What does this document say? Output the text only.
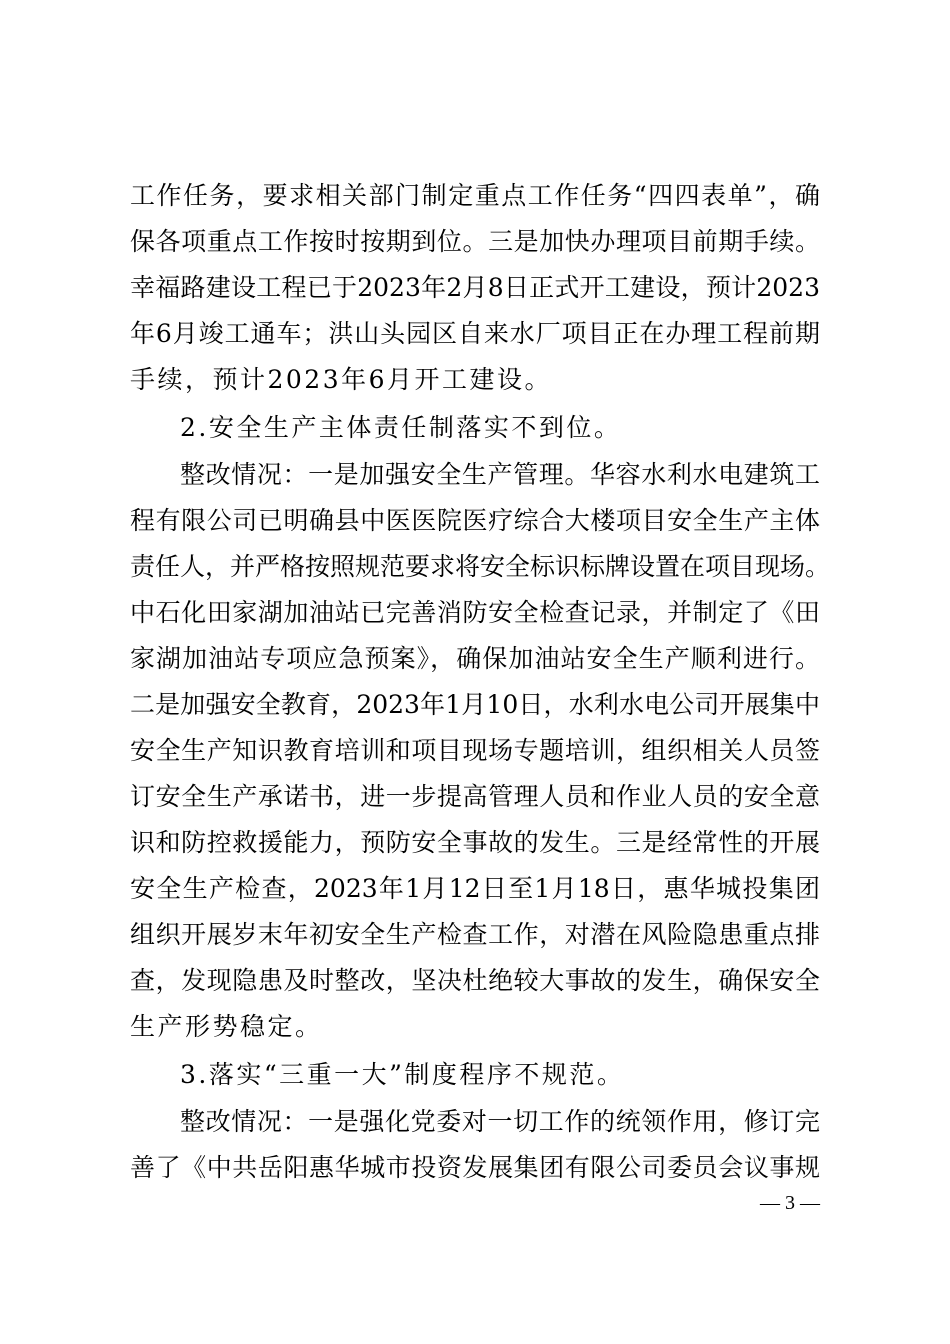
工作任务，要求相关部门制定重点工作任务“四四表单”，确
保各项重点工作按时按期到位。三是加快办理项目前期手续。
幸福路建设工程已于2023年2月8日正式开工建设，预计2023
年6月竣工通车；洪山头园区自来水厂项目正在办理工程前期
手续，预计2023年6月开工建设。
2.安全生产主体责任制落实不到位。
整改情况：一是加强安全生产管理。华容水利水电建筑工
程有限公司已明确县中医医院医疗综合大楼项目安全生产主体
责任人，并严格按照规范要求将安全标识标牌设置在项目现场。
中石化田家湖加油站已完善消防安全检查记录，并制定了《田
家湖加油站专项应急预案》，确保加油站安全生产顺利进行。
二是加强安全教育，2023年1月10日，水利水电公司开展集中
安全生产知识教育培训和项目现场专题培训，组织相关人员签
订安全生产承诺书，进一步提高管理人员和作业人员的安全意
识和防控救援能力，预防安全事故的发生。三是经常性的开展
安全生产检查，2023年1月12日至1月18日，惠华城投集团
组织开展岁末年初安全生产检查工作，对潜在风险隐患重点排
查，发现隐患及时整改，坚决杜绝较大事故的发生，确保安全
生产形势稳定。
3.落实“三重一大”制度程序不规范。
整改情况：一是强化党委对一切工作的统领作用，修订完
善了《中共岳阳惠华城市投资发展集团有限公司委员会议事规
— 3 —
